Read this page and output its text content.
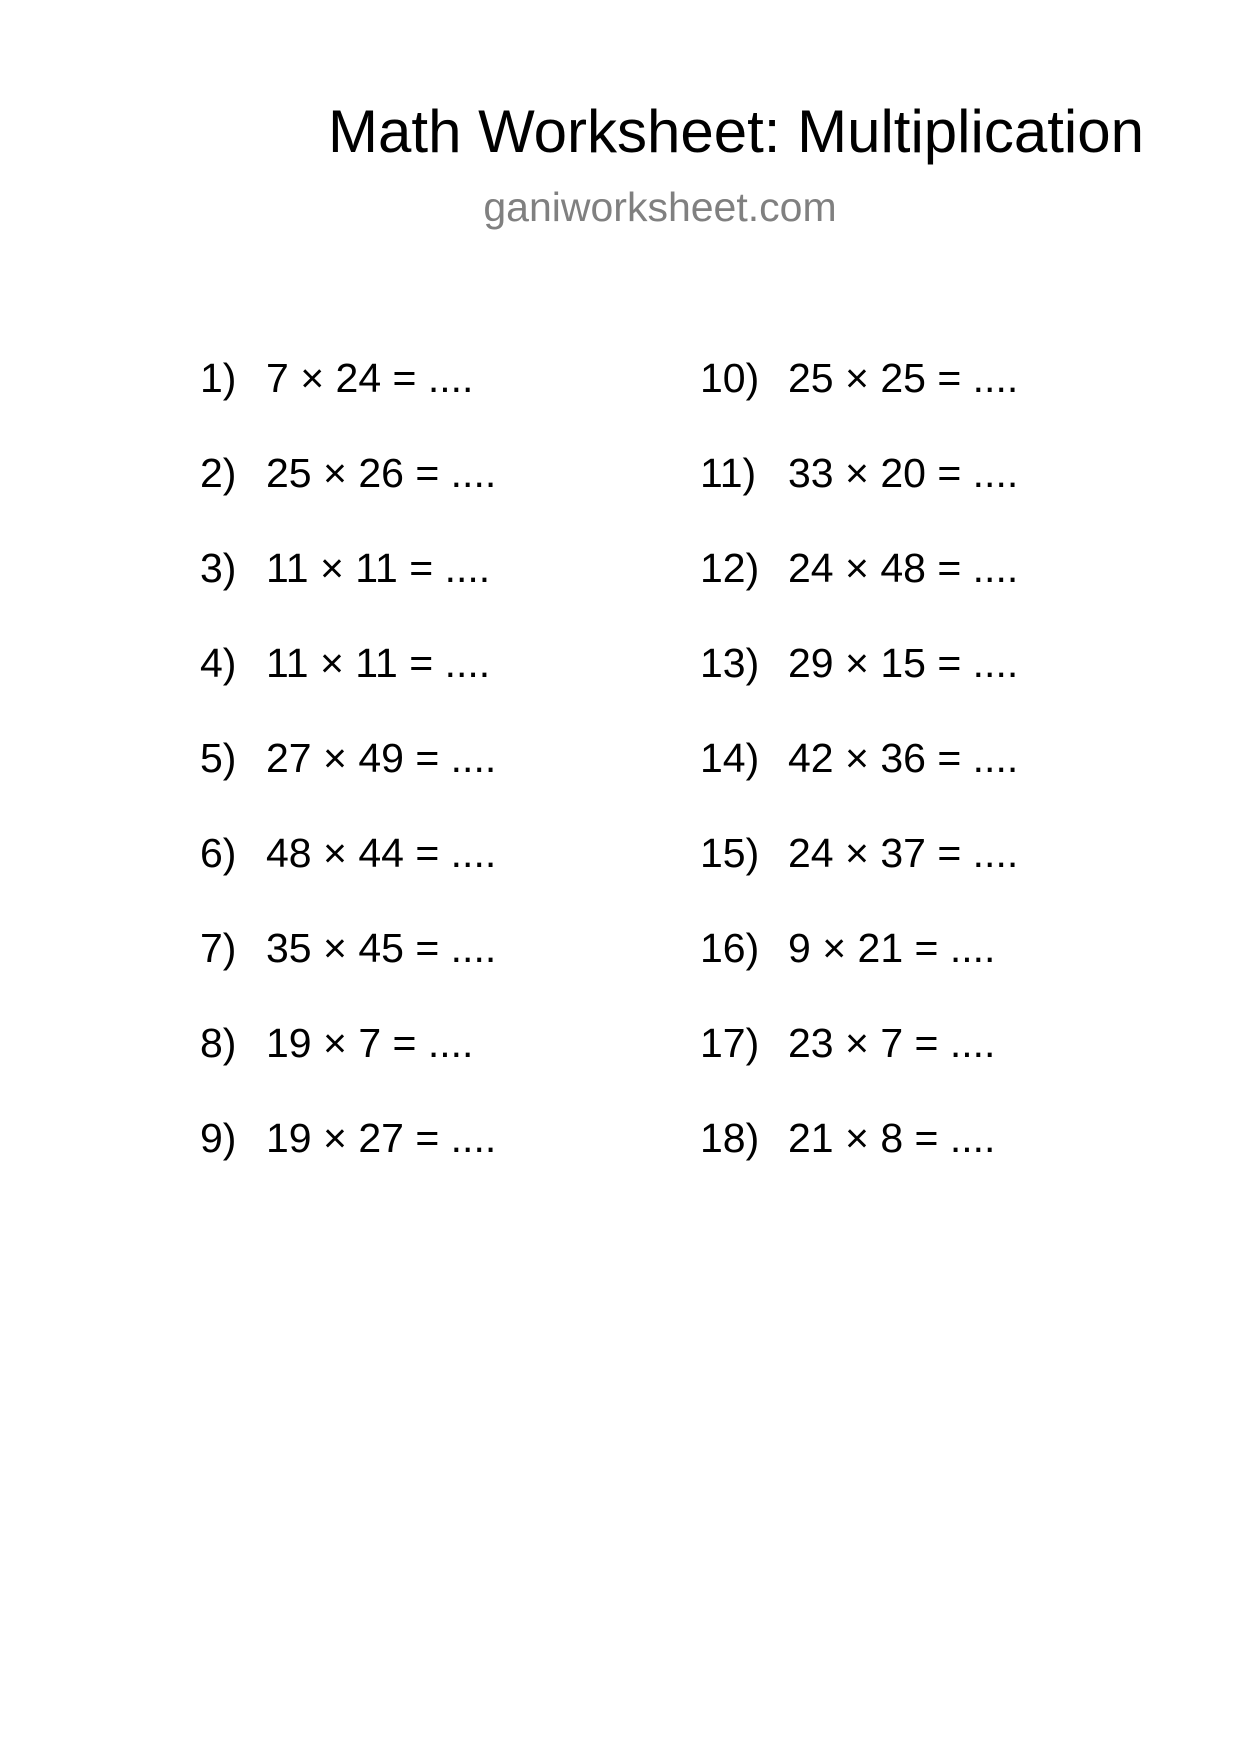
Math Worksheet: Multiplication
ganiworksheet.com
1) 7 × 24 = ....
2) 25 × 26 = ....
3) 11 × 11 = ....
4) 11 × 11 = ....
5) 27 × 49 = ....
6) 48 × 44 = ....
7) 35 × 45 = ....
8) 19 × 7 = ....
9) 19 × 27 = ....
10) 25 × 25 = ....
11) 33 × 20 = ....
12) 24 × 48 = ....
13) 29 × 15 = ....
14) 42 × 36 = ....
15) 24 × 37 = ....
16) 9 × 21 = ....
17) 23 × 7 = ....
18) 21 × 8 = ....
